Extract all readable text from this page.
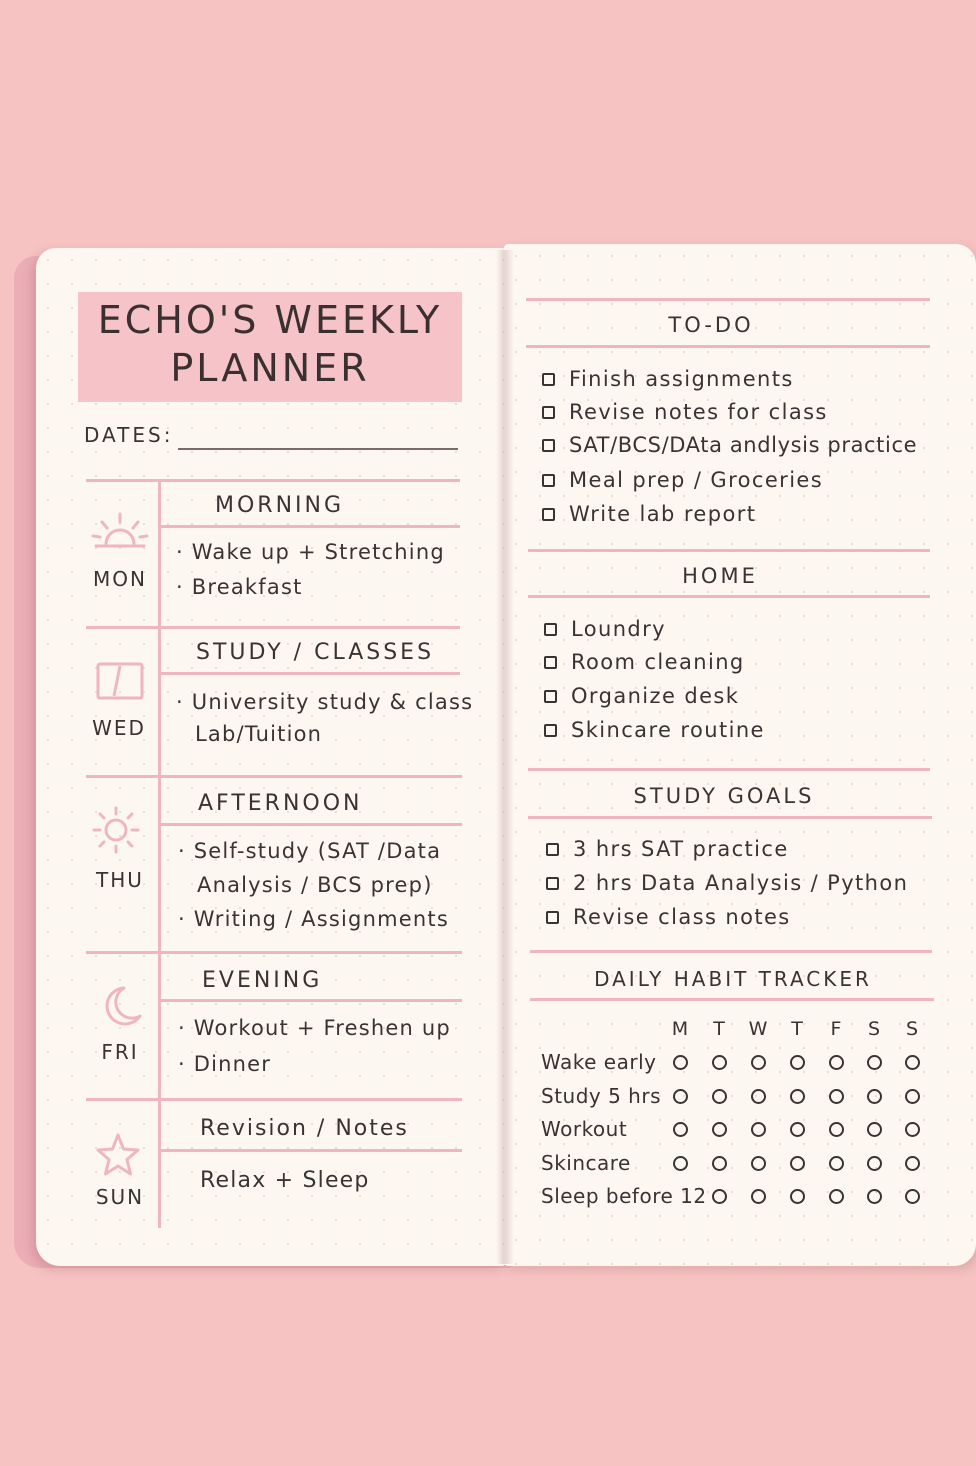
ECHO'S WEEKLY
PLANNER
DATES:
MON
MORNING
· Wake up + Stretching
· Breakfast
WED
STUDY / CLASSES
· University study & class
Lab/Tuition
THU
AFTERNOON
· Self-study (SAT /Data
Analysis / BCS prep)
· Writing / Assignments
FRI
EVENING
· Workout + Freshen up
· Dinner
SUN
Revision / Notes
Relax + Sleep
TO-DO
Finish assignments
Revise notes for class
SAT/BCS/DAta andlysis practice
Meal prep / Groceries
Write lab report
HOME
Loundry
Room cleaning
Organize desk
Skincare routine
STUDY GOALS
3 hrs SAT practice
2 hrs Data Analysis / Python
Revise class notes
DAILY HABIT TRACKER
M T W T F S S
Wake early
Study 5 hrs
Workout
Skincare
Sleep before 12
